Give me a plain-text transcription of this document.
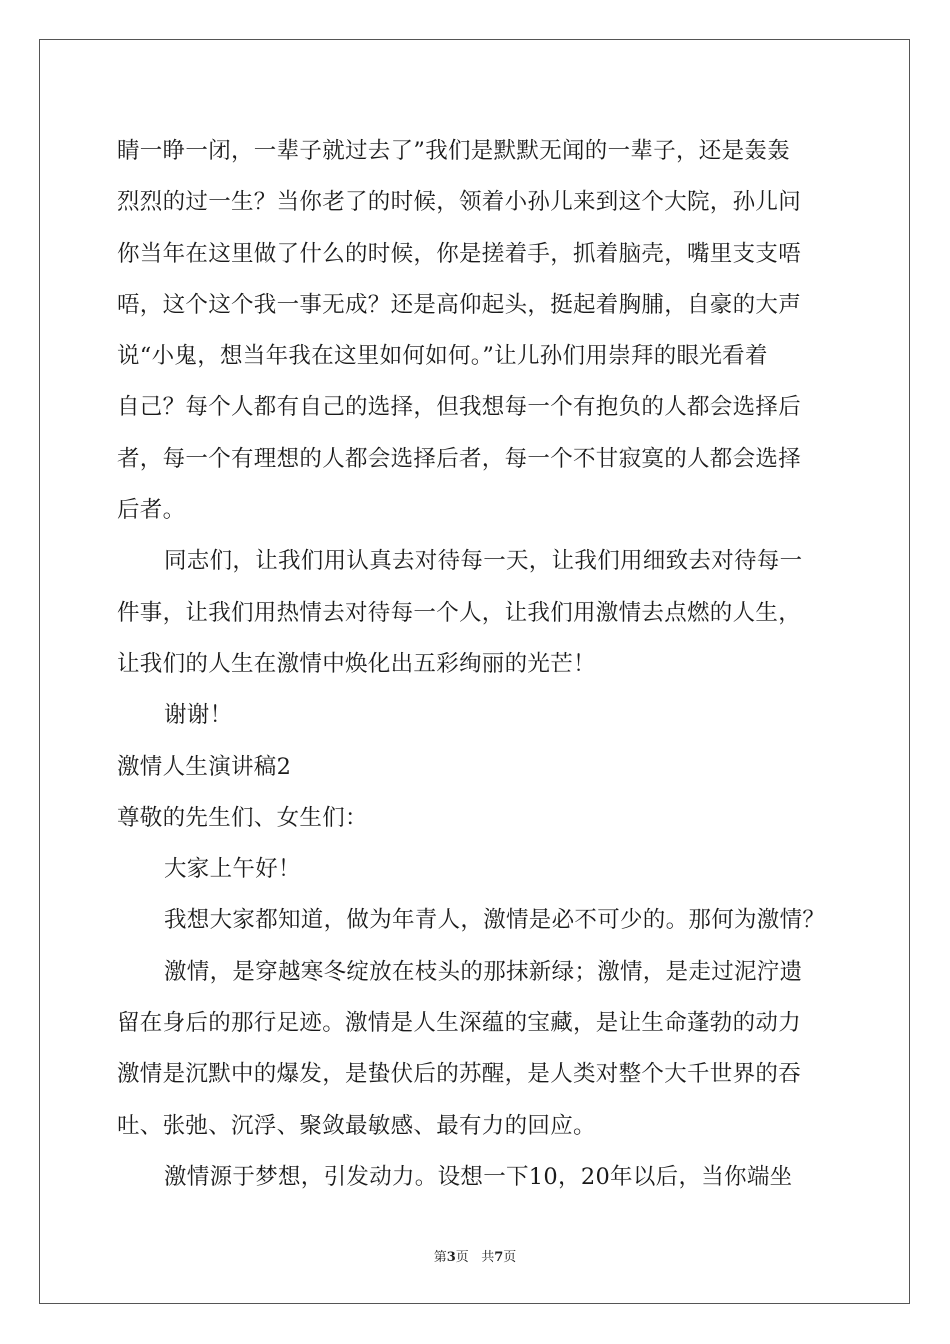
睛一睁一闭，一辈子就过去了”我们是默默无闻的一辈子，还是轰轰
烈烈的过一生？当你老了的时候，领着小孙儿来到这个大院，孙儿问
你当年在这里做了什么的时候，你是搓着手，抓着脑壳，嘴里支支唔
唔，这个这个我一事无成？还是高仰起头，挺起着胸脯，自豪的大声
说“小鬼，想当年我在这里如何如何。”让儿孙们用崇拜的眼光看着
自己？每个人都有自己的选择，但我想每一个有抱负的人都会选择后
者，每一个有理想的人都会选择后者，每一个不甘寂寞的人都会选择
后者。
同志们，让我们用认真去对待每一天，让我们用细致去对待每一
件事，让我们用热情去对待每一个人，让我们用激情去点燃的人生，
让我们的人生在激情中焕化出五彩绚丽的光芒！
谢谢！
激情人生演讲稿2
尊敬的先生们、女生们：
大家上午好！
我想大家都知道，做为年青人，激情是必不可少的。那何为激情？
激情，是穿越寒冬绽放在枝头的那抹新绿；激情，是走过泥泞遗
留在身后的那行足迹。激情是人生深蕴的宝藏，是让生命蓬勃的动力
激情是沉默中的爆发，是蛰伏后的苏醒，是人类对整个大千世界的吞
吐、张弛、沉浮、聚敛最敏感、最有力的回应。
激情源于梦想，引发动力。设想一下10，20年以后，当你端坐
第3页 共7页
